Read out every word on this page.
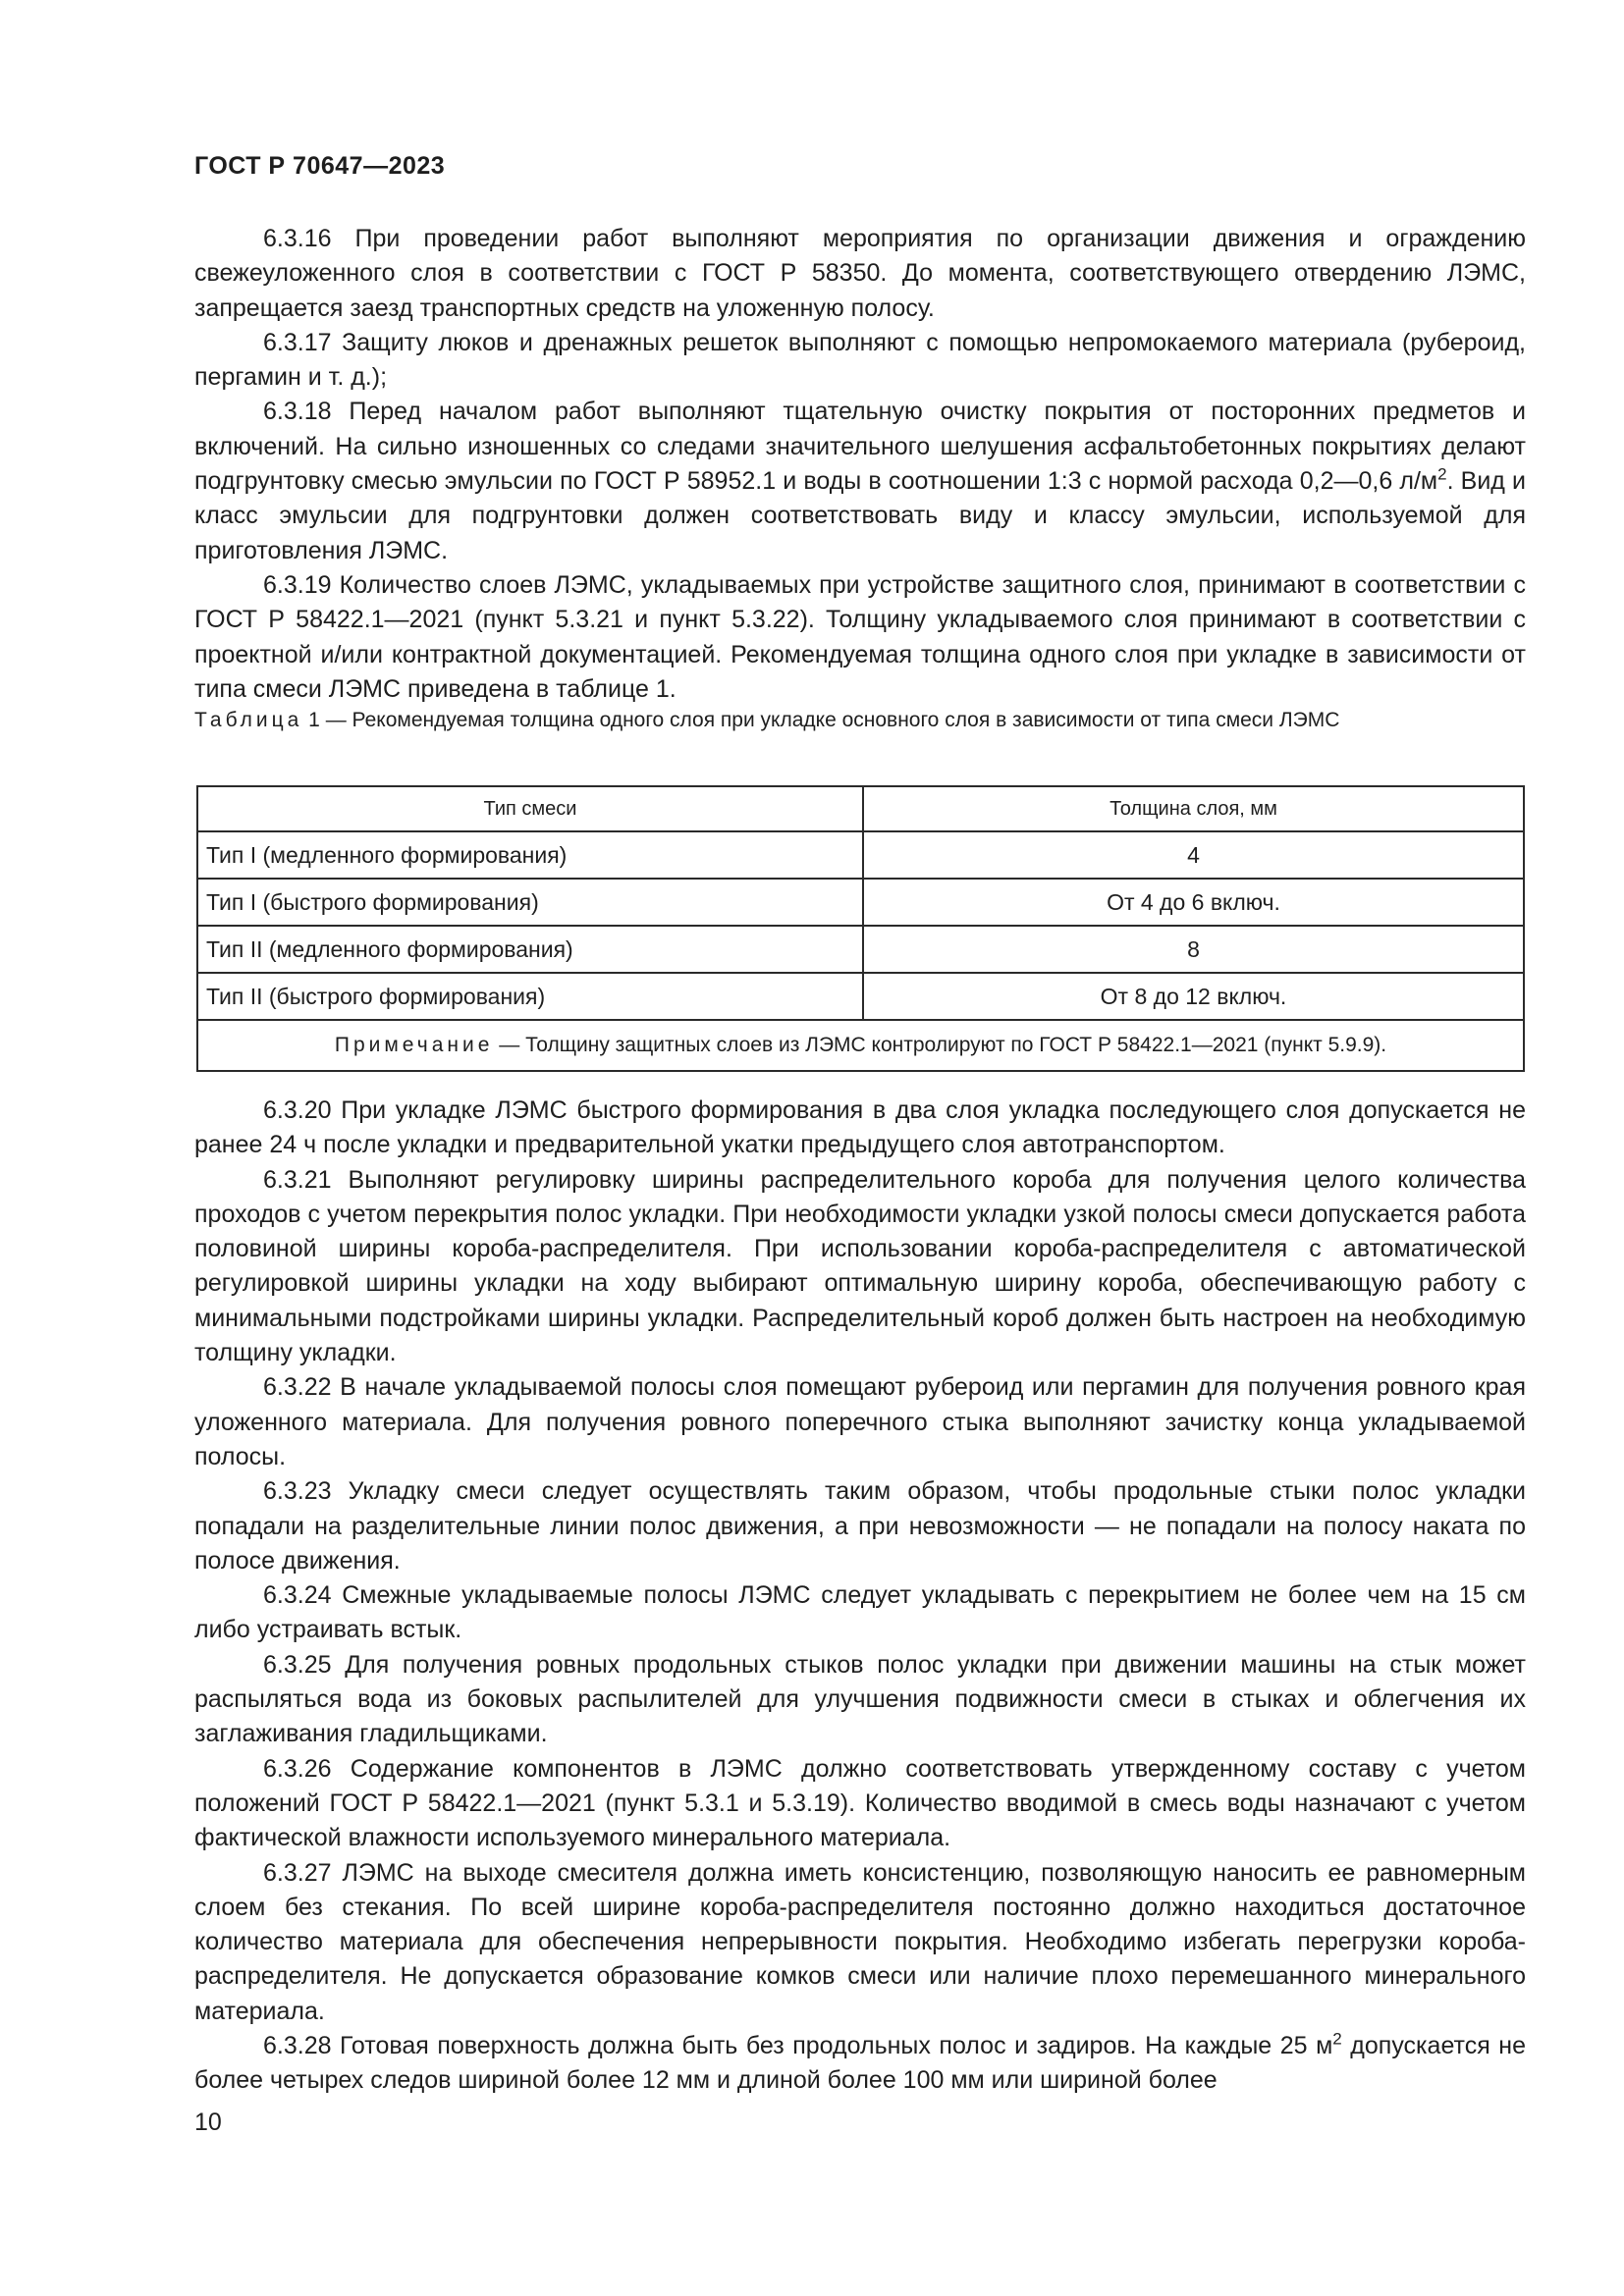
ГОСТ Р 70647—2023

6.3.16 При проведении работ выполняют мероприятия по организации движения и ограждению свежеуложенного слоя в соответствии с ГОСТ Р 58350. До момента, соответствующего отвердению ЛЭМС, запрещается заезд транспортных средств на уложенную полосу.

6.3.17 Защиту люков и дренажных решеток выполняют с помощью непромокаемого материала (рубероид, пергамин и т. д.);

6.3.18 Перед началом работ выполняют тщательную очистку покрытия от посторонних предметов и включений. На сильно изношенных со следами значительного шелушения асфальтобетонных покрытиях делают подгрунтовку смесью эмульсии по ГОСТ Р 58952.1 и воды в соотношении 1:3 с нормой расхода 0,2—0,6 $л/м^2$. Вид и класс эмульсии для подгрунтовки должен соответствовать виду и классу эмульсии, используемой для приготовления ЛЭМС.

6.3.19 Количество слоев ЛЭМС, укладываемых при устройстве защитного слоя, принимают в соответствии с ГОСТ Р 58422.1—2021 (пункт 5.3.21 и пункт 5.3.22). Толщину укладываемого слоя принимают в соответствии с проектной и/или контрактной документацией. Рекомендуемая толщина одного слоя при укладке в зависимости от типа смеси ЛЭМС приведена в таблице 1.

Таблица 1 — Рекомендуемая толщина одного слоя при укладке основного слоя в зависимости от типа смеси ЛЭМС
Тип смеси	Толщина слоя, мм
Тип I (медленного формирования)	4
Тип I (быстрого формирования)	От 4 до 6 включ.
Тип II (медленного формирования)	8
Тип II (быстрого формирования)	От 8 до 12 включ.
Примечание — Толщину защитных слоев из ЛЭМС контролируют по ГОСТ Р 58422.1—2021 (пункт 5.9.9).	

6.3.20 При укладке ЛЭМС быстрого формирования в два слоя укладка последующего слоя допускается не ранее 24 ч после укладки и предварительной укатки предыдущего слоя автотранспортом.

6.3.21 Выполняют регулировку ширины распределительного короба для получения целого количества проходов с учетом перекрытия полос укладки. При необходимости укладки узкой полосы смеси допускается работа половиной ширины короба-распределителя. При использовании короба-распределителя с автоматической регулировкой ширины укладки на ходу выбирают оптимальную ширину короба, обеспечивающую работу с минимальными подстройками ширины укладки. Распределительный короб должен быть настроен на необходимую толщину укладки.

6.3.22 В начале укладываемой полосы слоя помещают рубероид или пергамин для получения ровного края уложенного материала. Для получения ровного поперечного стыка выполняют зачистку конца укладываемой полосы.

6.3.23 Укладку смеси следует осуществлять таким образом, чтобы продольные стыки полос укладки попадали на разделительные линии полос движения, а при невозможности — не попадали на полосу наката по полосе движения.

6.3.24 Смежные укладываемые полосы ЛЭМС следует укладывать с перекрытием не более чем на 15 см либо устраивать встык.

6.3.25 Для получения ровных продольных стыков полос укладки при движении машины на стык может распыляться вода из боковых распылителей для улучшения подвижности смеси в стыках и облегчения их заглаживания гладильщиками.

6.3.26 Содержание компонентов в ЛЭМС должно соответствовать утвержденному составу с учетом положений ГОСТ Р 58422.1—2021 (пункт 5.3.1 и 5.3.19). Количество вводимой в смесь воды назначают с учетом фактической влажности используемого минерального материала.

6.3.27 ЛЭМС на выходе смесителя должна иметь консистенцию, позволяющую наносить ее равномерным слоем без стекания. По всей ширине короба-распределителя постоянно должно находиться достаточное количество материала для обеспечения непрерывности покрытия. Необходимо избегать перегрузки короба-распределителя. Не допускается образование комков смеси или наличие плохо перемешанного минерального материала.

6.3.28 Готовая поверхность должна быть без продольных полос и задиров. На каждые 25 $м^2$ допускается не более четырех следов шириной более 12 мм и длиной более 100 мм или шириной более

10
